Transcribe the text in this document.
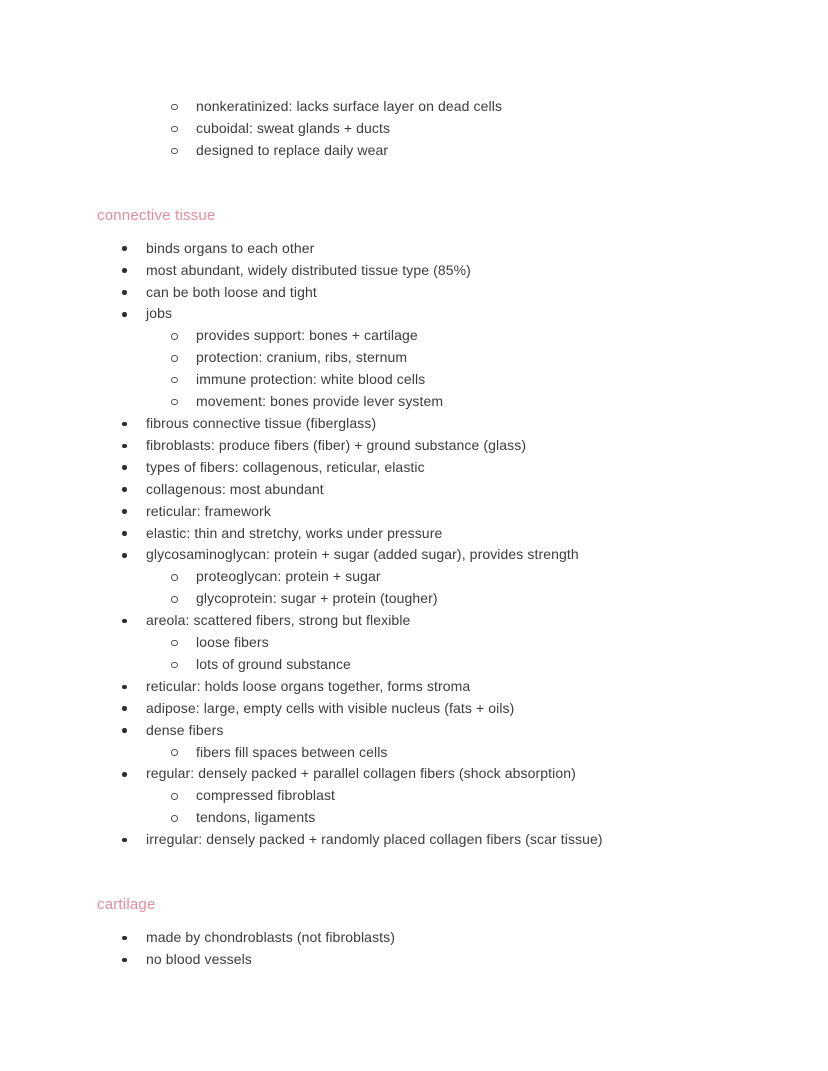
nonkeratinized: lacks surface layer on dead cells
cuboidal: sweat glands + ducts
designed to replace daily wear
connective tissue
binds organs to each other
most abundant, widely distributed tissue type (85%)
can be both loose and tight
jobs
provides support: bones + cartilage
protection: cranium, ribs, sternum
immune protection: white blood cells
movement: bones provide lever system
fibrous connective tissue (fiberglass)
fibroblasts: produce fibers (fiber) + ground substance (glass)
types of fibers: collagenous, reticular, elastic
collagenous: most abundant
reticular: framework
elastic: thin and stretchy, works under pressure
glycosaminoglycan: protein + sugar (added sugar), provides strength
proteoglycan: protein + sugar
glycoprotein: sugar + protein (tougher)
areola: scattered fibers, strong but flexible
loose fibers
lots of ground substance
reticular: holds loose organs together, forms stroma
adipose: large, empty cells with visible nucleus (fats + oils)
dense fibers
fibers fill spaces between cells
regular: densely packed + parallel collagen fibers (shock absorption)
compressed fibroblast
tendons, ligaments
irregular: densely packed + randomly placed collagen fibers (scar tissue)
cartilage
made by chondroblasts (not fibroblasts)
no blood vessels
